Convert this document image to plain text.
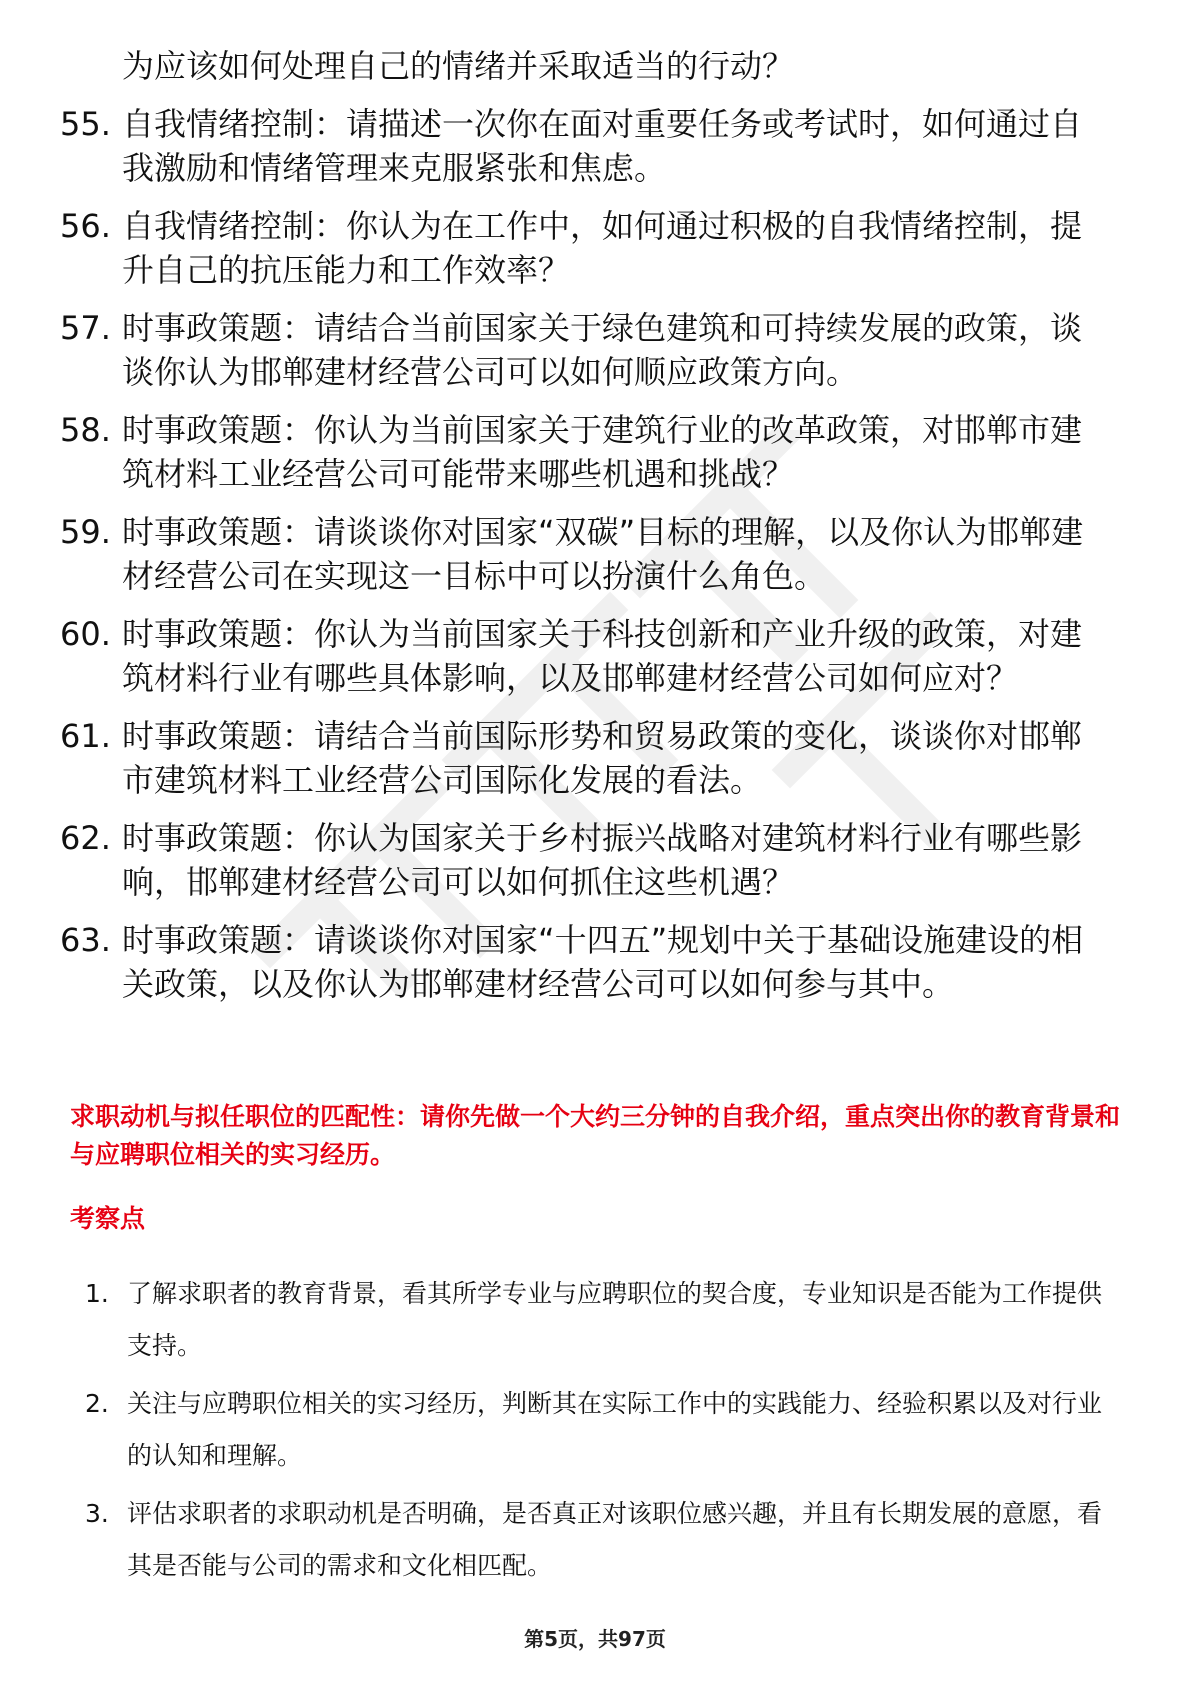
为应该如何处理自己的情绪并采取适当的行动？
55. 自我情绪控制：请描述一次你在面对重要任务或考试时，如何通过自我激励和情绪管理来克服紧张和焦虑。
56. 自我情绪控制：你认为在工作中，如何通过积极的自我情绪控制，提升自己的抗压能力和工作效率？
57. 时事政策题：请结合当前国家关于绿色建筑和可持续发展的政策，谈谈你认为邯郸建材经营公司可以如何顺应政策方向。
58. 时事政策题：你认为当前国家关于建筑行业的改革政策，对邯郸市建筑材料工业经营公司可能带来哪些机遇和挑战？
59. 时事政策题：请谈谈你对国家“双碳”目标的理解，以及你认为邯郸建材经营公司在实现这一目标中可以扮演什么角色。
60. 时事政策题：你认为当前国家关于科技创新和产业升级的政策，对建筑材料行业有哪些具体影响，以及邯郸建材经营公司如何应对？
61. 时事政策题：请结合当前国际形势和贸易政策的变化，谈谈你对邯郸市建筑材料工业经营公司国际化发展的看法。
62. 时事政策题：你认为国家关于乡村振兴战略对建筑材料行业有哪些影响，邯郸建材经营公司可以如何抓住这些机遇？
63. 时事政策题：请谈谈你对国家“十四五”规划中关于基础设施建设的相关政策，以及你认为邯郸建材经营公司可以如何参与其中。
求职动机与拟任职位的匹配性：请你先做一个大约三分钟的自我介绍，重点突出你的教育背景和与应聘职位相关的实习经历。
考察点
1. 了解求职者的教育背景，看其所学专业与应聘职位的契合度，专业知识是否能为工作提供支持。
2. 关注与应聘职位相关的实习经历，判断其在实际工作中的实践能力、经验积累以及对行业的认知和理解。
3. 评估求职者的求职动机是否明确，是否真正对该职位感兴趣，并且有长期发展的意愿，看其是否能与公司的需求和文化相匹配。
第5页，共97页
